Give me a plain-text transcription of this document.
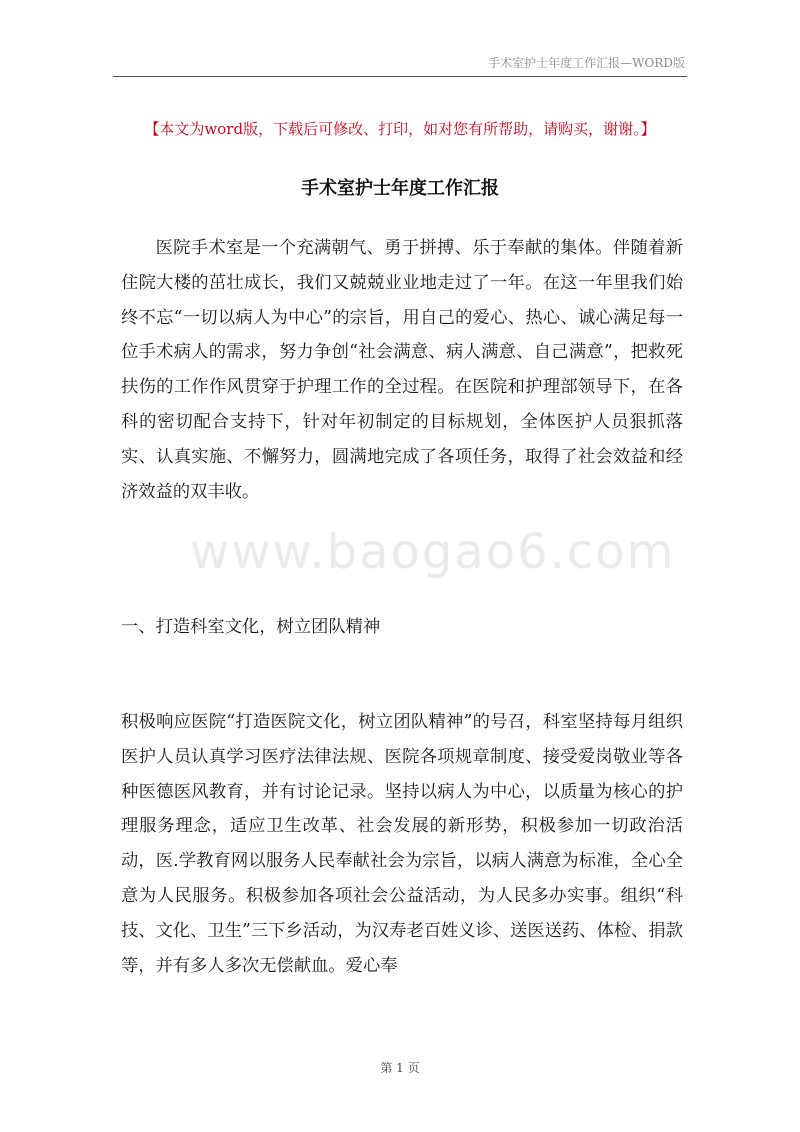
手术室护士年度工作汇报—WORD版
【本文为word版，下载后可修改、打印，如对您有所帮助，请购买，谢谢。】
手术室护士年度工作汇报
www.baogao6.com

医院手术室是一个充满朝气、勇于拼搏、乐于奉献的集体。伴随着新住院大楼的茁壮成长，我们又兢兢业业地走过了一年。在这一年里我们始终不忘“一切以病人为中心”的宗旨，用自己的爱心、热心、诚心满足每一位手术病人的需求，努力争创“社会满意、病人满意、自己满意”，把救死扶伤的工作作风贯穿于护理工作的全过程。在医院和护理部领导下，在各科的密切配合支持下，针对年初制定的目标规划，全体医护人员狠抓落实、认真实施、不懈努力，圆满地完成了各项任务，取得了社会效益和经济效益的双丰收。

一、打造科室文化，树立团队精神

积极响应医院“打造医院文化，树立团队精神”的号召，科室坚持每月组织医护人员认真学习医疗法律法规、医院各项规章制度、接受爱岗敬业等各种医德医风教育，并有讨论记录。坚持以病人为中心，以质量为核心的护理服务理念，适应卫生改革、社会发展的新形势，积极参加一切政治活动，医.学教育网以服务人民奉献社会为宗旨，以病人满意为标准，全心全意为人民服务。积极参加各项社会公益活动，为人民多办实事。组织“科技、文化、卫生”三下乡活动，为汉寿老百姓义诊、送医送药、体检、捐款等，并有多人多次无偿献血。爱心奉

第 1 页
